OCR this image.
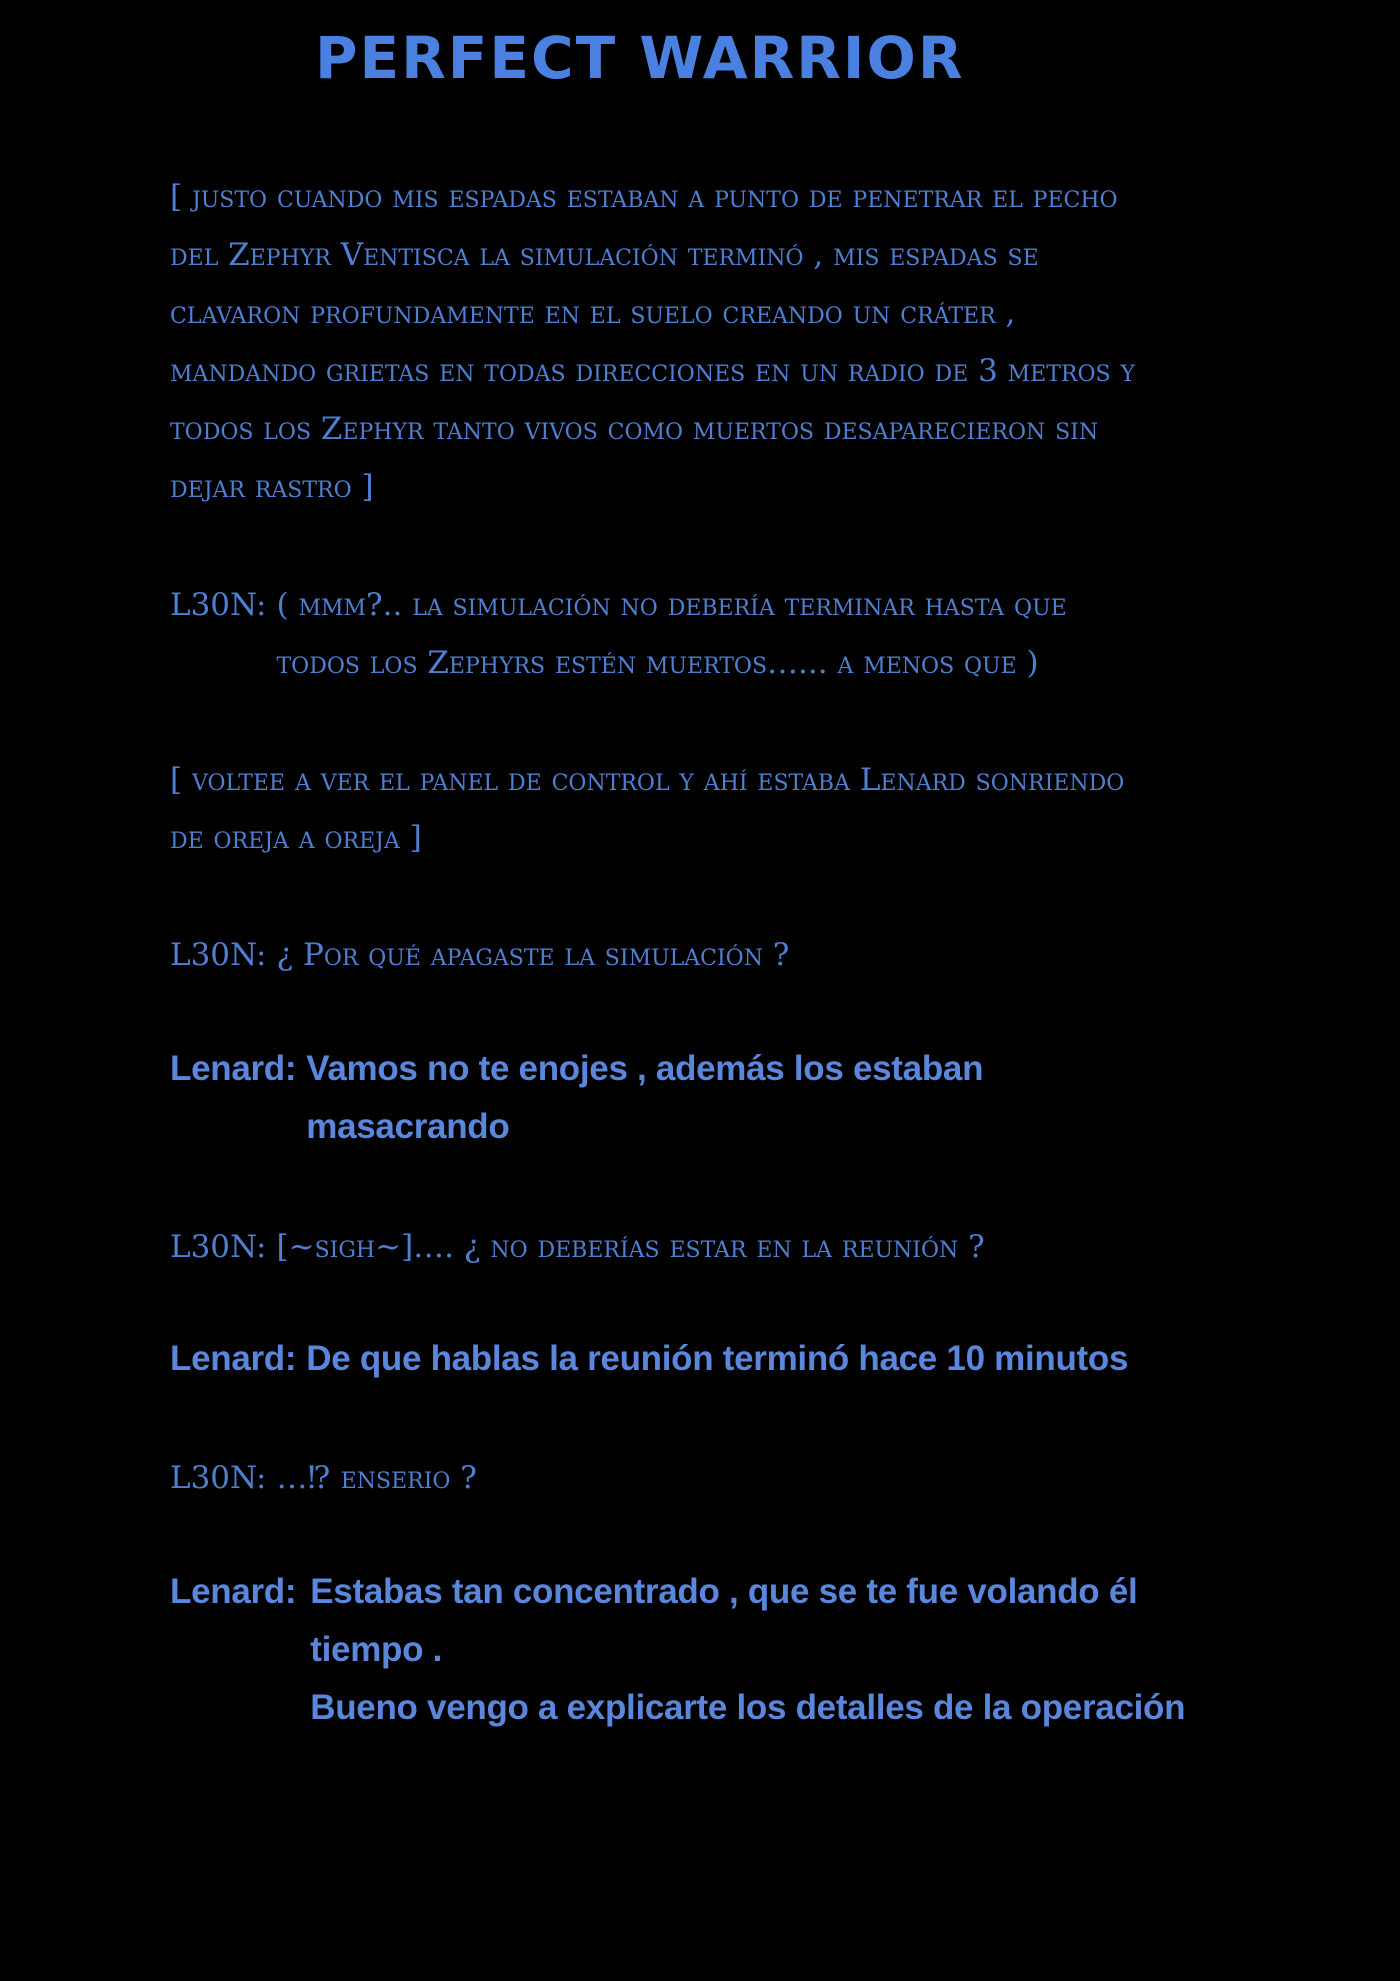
PERFECT WARRIOR
[ justo cuando mis espadas estaban a punto de penetrar el pecho
del Zephyr Ventisca la simulación terminó , mis espadas se
clavaron profundamente en el suelo creando un cráter ,
mandando grietas en todas direcciones en un radio de 3 metros y
todos los Zephyr tanto vivos como muertos desaparecieron sin
dejar rastro ]
L30N: ( mmm?.. la simulación no debería terminar hasta que
todos los Zephyrs estén muertos…... a menos que )
[ voltee a ver el panel de control y ahí estaba Lenard sonriendo
de oreja a oreja ]
L30N: ¿ Por qué apagaste la simulación ?
Lenard: Vamos no te enojes , además los estaban
masacrando
L30N: [~sigh~]…. ¿ no deberías estar en la reunión ?
Lenard: De que hablas la reunión terminó hace 10 minutos
L30N: …⁉ enserio ?
Lenard: Estabas tan concentrado , que se te fue volando él
tiempo .
Bueno vengo a explicarte los detalles de la operación
